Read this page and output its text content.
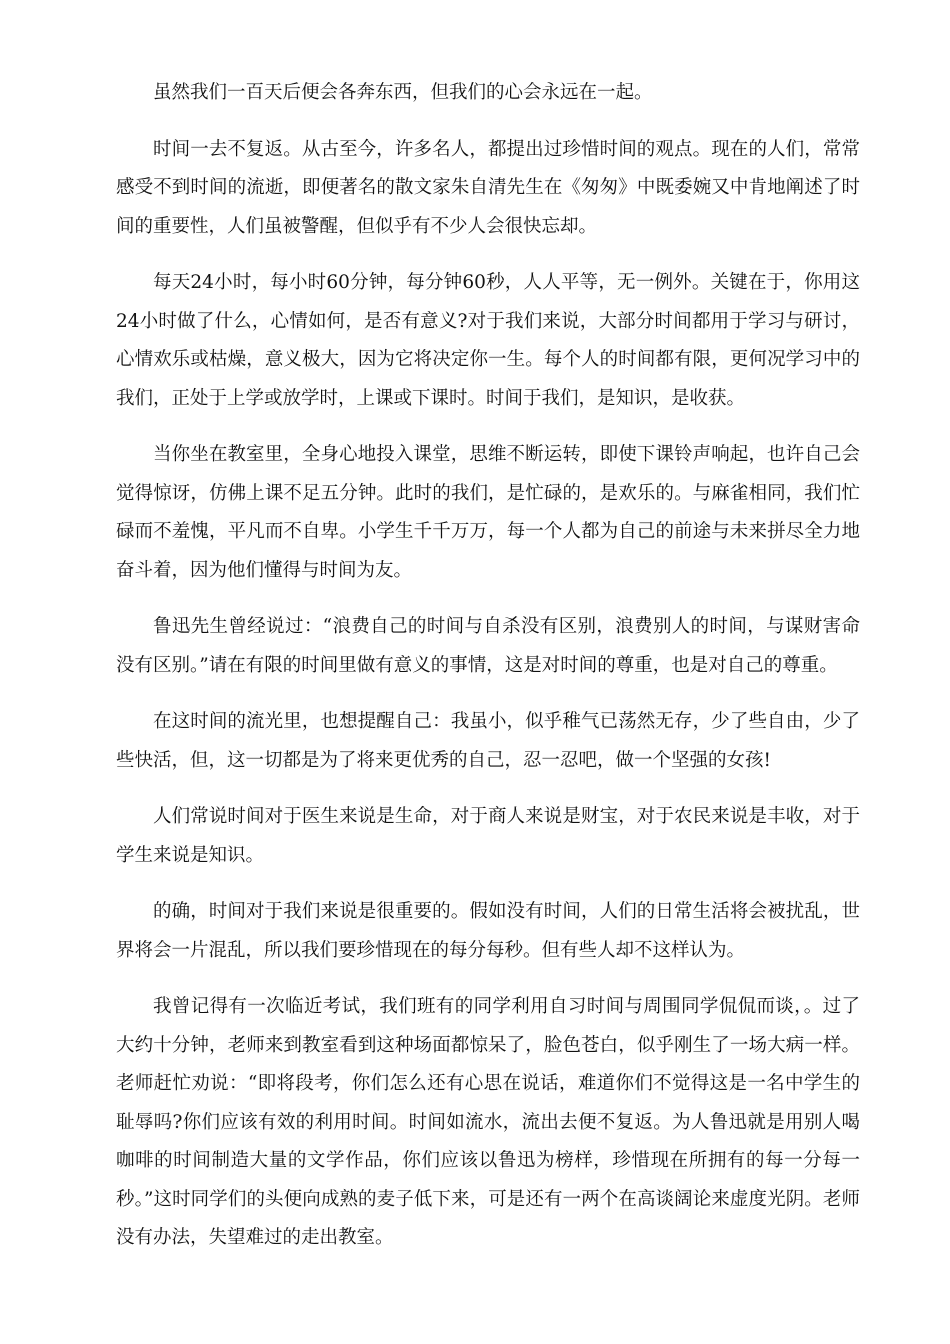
虽然我们一百天后便会各奔东西，但我们的心会永远在一起。

时间一去不复返。从古至今，许多名人，都提出过珍惜时间的观点。现在的人们，常常感受不到时间的流逝，即便著名的散文家朱自清先生在《匆匆》中既委婉又中肯地阐述了时间的重要性，人们虽被警醒，但似乎有不少人会很快忘却。

每天24小时，每小时60分钟，每分钟60秒，人人平等，无一例外。关键在于，你用这24小时做了什么，心情如何，是否有意义?对于我们来说，大部分时间都用于学习与研讨，心情欢乐或枯燥，意义极大，因为它将决定你一生。每个人的时间都有限，更何况学习中的我们，正处于上学或放学时，上课或下课时。时间于我们，是知识，是收获。

当你坐在教室里，全身心地投入课堂，思维不断运转，即使下课铃声响起，也许自己会觉得惊讶，仿佛上课不足五分钟。此时的我们，是忙碌的，是欢乐的。与麻雀相同，我们忙碌而不羞愧，平凡而不自卑。小学生千千万万，每一个人都为自己的前途与未来拼尽全力地奋斗着，因为他们懂得与时间为友。

鲁迅先生曾经说过：“浪费自己的时间与自杀没有区别，浪费别人的时间，与谋财害命没有区别。”请在有限的时间里做有意义的事情，这是对时间的尊重，也是对自己的尊重。

在这时间的流光里，也想提醒自己：我虽小，似乎稚气已荡然无存，少了些自由，少了些快活，但，这一切都是为了将来更优秀的自己，忍一忍吧，做一个坚强的女孩!

人们常说时间对于医生来说是生命，对于商人来说是财宝，对于农民来说是丰收，对于学生来说是知识。

的确，时间对于我们来说是很重要的。假如没有时间，人们的日常生活将会被扰乱，世界将会一片混乱，所以我们要珍惜现在的每分每秒。但有些人却不这样认为。

我曾记得有一次临近考试，我们班有的同学利用自习时间与周围同学侃侃而谈，。过了大约十分钟，老师来到教室看到这种场面都惊呆了，脸色苍白，似乎刚生了一场大病一样。老师赶忙劝说：“即将段考，你们怎么还有心思在说话，难道你们不觉得这是一名中学生的耻辱吗?你们应该有效的利用时间。时间如流水，流出去便不复返。为人鲁迅就是用别人喝咖啡的时间制造大量的文学作品，你们应该以鲁迅为榜样，珍惜现在所拥有的每一分每一秒。”这时同学们的头便向成熟的麦子低下来，可是还有一两个在高谈阔论来虚度光阴。老师没有办法，失望难过的走出教室。
